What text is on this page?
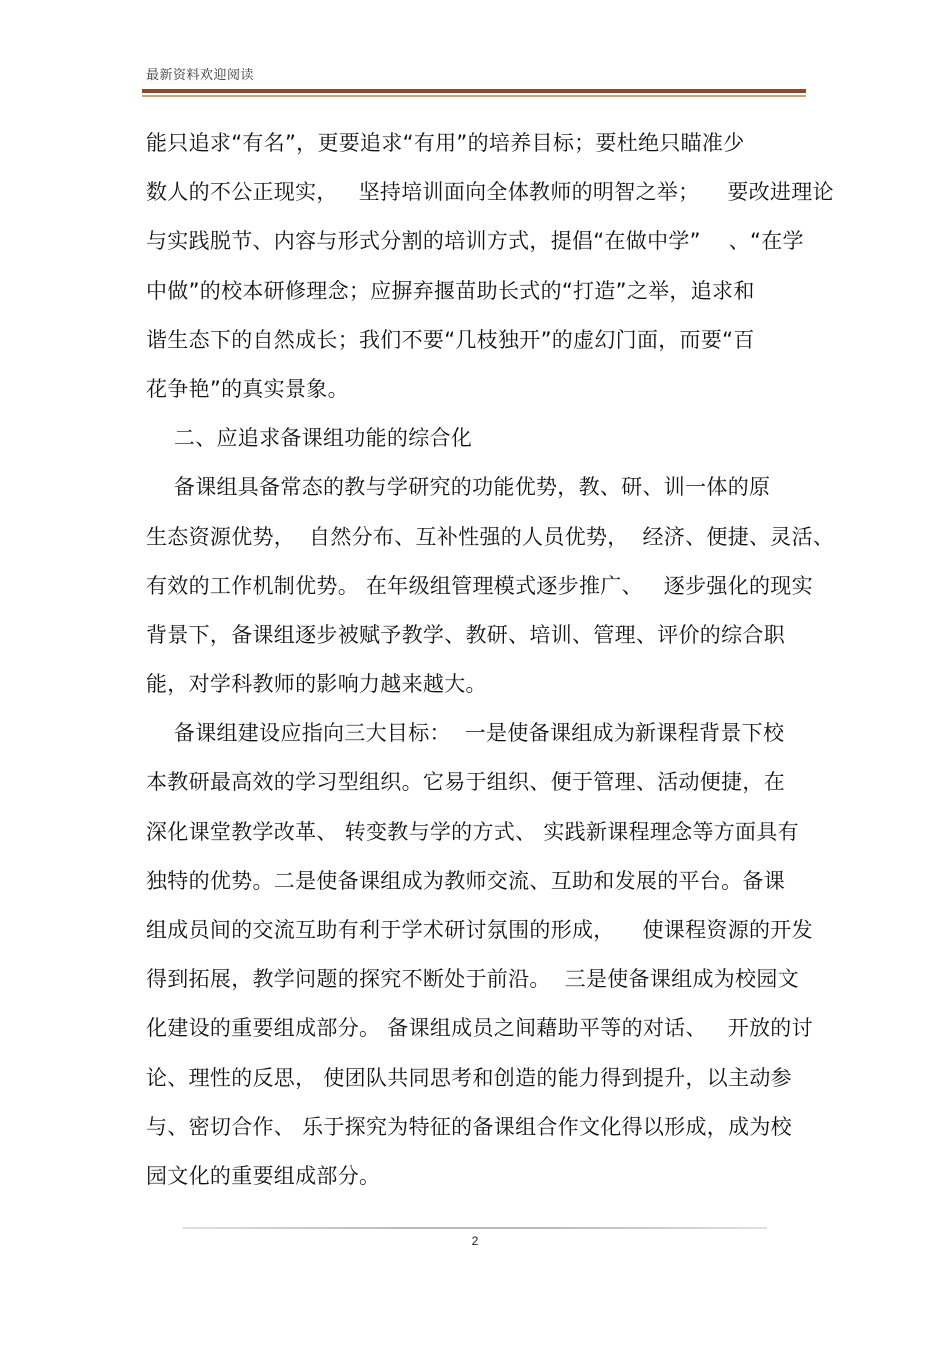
最新资料欢迎阅读
能只追求“有名”，更要追求“有用”的培养目标；要杜绝只瞄准少
数人的不公正现实，   坚持培训面向全体教师的明智之举；    要改进理论
与实践脱节、内容与形式分割的培训方式，提倡“在做中学”    、“在学
中做”的校本研修理念；应摒弃揠苗助长式的“打造”之举，追求和
谐生态下的自然成长；我们不要“几枝独开”的虚幻门面，而要“百
花争艳”的真实景象。
二、应追求备课组功能的综合化
备课组具备常态的教与学研究的功能优势，教、研、训一体的原
生态资源优势，  自然分布、互补性强的人员优势，  经济、便捷、灵活、
有效的工作机制优势。 在年级组管理模式逐步推广、   逐步强化的现实
背景下，备课组逐步被赋予教学、教研、培训、管理、评价的综合职
能，对学科教师的影响力越来越大。
备课组建设应指向三大目标：  一是使备课组成为新课程背景下校
本教研最高效的学习型组织。它易于组织、便于管理、活动便捷，在
深化课堂教学改革、 转变教与学的方式、 实践新课程理念等方面具有
独特的优势。二是使备课组成为教师交流、互助和发展的平台。备课
组成员间的交流互助有利于学术研讨氛围的形成，    使课程资源的开发
得到拓展，教学问题的探究不断处于前沿。  三是使备课组成为校园文
化建设的重要组成部分。 备课组成员之间藉助平等的对话、   开放的讨
论、理性的反思， 使团队共同思考和创造的能力得到提升，以主动参
与、密切合作、 乐于探究为特征的备课组合作文化得以形成，成为校
园文化的重要组成部分。
2
